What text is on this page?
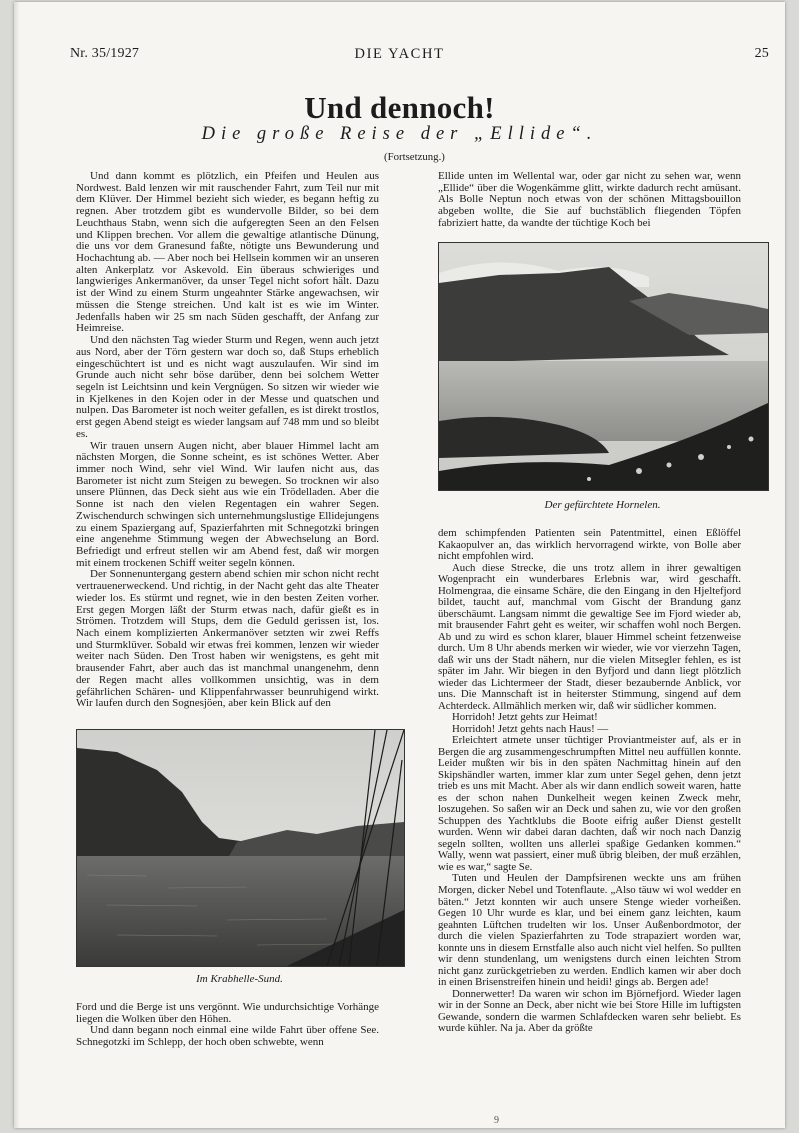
Nr. 35/1927	DIE YACHT	25
Und dennoch!
Die große Reise der „Ellide“.
(Fortsetzung.)

Und dann kommt es plötzlich, ein Pfeifen und Heulen aus Nordwest. Bald lenzen wir mit rauschender Fahrt, zum Teil nur mit dem Klüver. Der Himmel bezieht sich wieder, es begann heftig zu regnen. Aber trotzdem gibt es wundervolle Bilder, so bei dem Leuchthaus Stabn, wenn sich die aufgeregten Seen an den Felsen und Klippen brechen. Vor allem die gewaltige atlantische Dünung, die uns vor dem Granesund faßte, nötigte uns Bewunderung und Hochachtung ab. — Aber noch bei Hellsein kommen wir an unseren alten Ankerplatz vor Askevold. Ein überaus schwieriges und langwieriges Ankermanöver, da unser Tegel nicht sofort hält. Dazu ist der Wind zu einem Sturm ungeahnter Stärke angewachsen, wir müssen die Stenge streichen. Und kalt ist es wie im Winter. Jedenfalls haben wir 25 sm nach Süden geschafft, der Anfang zur Heimreise.

Und den nächsten Tag wieder Sturm und Regen, wenn auch jetzt aus Nord, aber der Törn gestern war doch so, daß Stups erheblich eingeschüchtert ist und es nicht wagt auszulaufen. Wir sind im Grunde auch nicht sehr böse darüber, denn bei solchem Wetter segeln ist Leichtsinn und kein Vergnügen. So sitzen wir wieder wie in Kjelkenes in den Kojen oder in der Messe und quatschen und nulpen. Das Barometer ist noch weiter gefallen, es ist direkt trostlos, erst gegen Abend steigt es wieder langsam auf 748 mm und so bleibt es.

Wir trauen unsern Augen nicht, aber blauer Himmel lacht am nächsten Morgen, die Sonne scheint, es ist schönes Wetter. Aber immer noch Wind, sehr viel Wind. Wir laufen nicht aus, das Barometer ist nicht zum Steigen zu bewegen. So trocknen wir also unsere Plünnen, das Deck sieht aus wie ein Trödelladen. Aber die Sonne ist nach den vielen Regentagen ein wahrer Segen. Zwischendurch schwingen sich unternehmungslustige Ellidejungens zu einem Spaziergang auf, Spazierfahrten mit Schnegotzki bringen eine angenehme Stimmung wegen der Abwechselung an Bord. Befriedigt und erfreut stellen wir am Abend fest, daß wir morgen mit einem trockenen Schiff weiter segeln können.

Der Sonnenuntergang gestern abend schien mir schon nicht recht vertrauenerweckend. Und richtig, in der Nacht geht das alte Theater wieder los. Es stürmt und regnet, wie in den besten Zeiten vorher. Erst gegen Morgen läßt der Sturm etwas nach, dafür gießt es in Strömen. Trotzdem will Stups, dem die Geduld gerissen ist, los. Nach einem komplizierten Ankermanöver setzten wir zwei Reffs und Sturmklüver. Sobald wir etwas frei kommen, lenzen wir wieder weiter nach Süden. Den Trost haben wir wenigstens, es geht mit brausender Fahrt, aber auch das ist manchmal unangenehm, denn der Regen macht alles vollkommen unsichtig, was in dem gefährlichen Schären- und Klippenfahrwasser beunruhigend wirkt. Wir laufen durch den Sognesjöen, aber kein Blick auf den

Im Krabhelle-Sund.

Ford und die Berge ist uns vergönnt. Wie undurchsichtige Vorhänge liegen die Wolken über den Höhen.

Und dann begann noch einmal eine wilde Fahrt über offene See. Schnegotzki im Schlepp, der hoch oben schwebte, wenn

Ellide unten im Wellental war, oder gar nicht zu sehen war, wenn „Ellide“ über die Wogenkämme glitt, wirkte dadurch recht amüsant. Als Bolle Neptun noch etwas von der schönen Mittagsbouillon abgeben wollte, die Sie auf buchstäblich fliegenden Töpfen fabriziert hatte, da wandte der tüchtige Koch bei

Der gefürchtete Hornelen.

dem schimpfenden Patienten sein Patentmittel, einen Eßlöffel Kakaopulver an, das wirklich hervorragend wirkte, von Bolle aber nicht empfohlen wird.

Auch diese Strecke, die uns trotz allem in ihrer gewaltigen Wogenpracht ein wunderbares Erlebnis war, wird geschafft. Holmengraa, die einsame Schäre, die den Eingang in den Hjeltefjord bildet, taucht auf, manchmal vom Gischt der Brandung ganz überschäumt. Langsam nimmt die gewaltige See im Fjord wieder ab, mit brausender Fahrt geht es weiter, wir schaffen wohl noch Bergen. Ab und zu wird es schon klarer, blauer Himmel scheint fetzenweise durch. Um 8 Uhr abends merken wir wieder, wie vor vierzehn Tagen, daß wir uns der Stadt nähern, nur die vielen Mitsegler fehlen, es ist später im Jahr. Wir biegen in den Byfjord und dann liegt plötzlich wieder das Lichtermeer der Stadt, dieser bezaubernde Anblick, vor uns. Die Mannschaft ist in heiterster Stimmung, singend auf dem Achterdeck. Allmählich merken wir, daß wir südlicher kommen.

Horridoh! Jetzt gehts zur Heimat!

Horridoh! Jetzt gehts nach Haus! —

Erleichtert atmete unser tüchtiger Proviantmeister auf, als er in Bergen die arg zusammengeschrumpften Mittel neu auffüllen konnte. Leider mußten wir bis in den späten Nachmittag hinein auf den Skipshändler warten, immer klar zum unter Segel gehen, denn jetzt trieb es uns mit Macht. Aber als wir dann endlich soweit waren, hatte es der schon nahen Dunkelheit wegen keinen Zweck mehr, loszugehen. So saßen wir an Deck und sahen zu, wie vor den großen Schuppen des Yachtklubs die Boote eifrig außer Dienst gestellt wurden. Wenn wir dabei daran dachten, daß wir noch nach Danzig segeln sollten, wollten uns allerlei spaßige Gedanken kommen.“ Wally, wenn wat passiert, einer muß übrig bleiben, der muß erzählen, wie es war,“ sagte Se.

Tuten und Heulen der Dampfsirenen weckte uns am frühen Morgen, dicker Nebel und Totenflaute. „Also täuw wi wol wedder en bäten.“ Jetzt konnten wir auch unsere Stenge wieder vorheißen. Gegen 10 Uhr wurde es klar, und bei einem ganz leichten, kaum geahnten Lüftchen trudelten wir los. Unser Außenbordmotor, der durch die vielen Spazierfahrten zu Tode strapaziert worden war, konnte uns in diesem Ernstfalle also auch nicht viel helfen. So pullten wir denn stundenlang, um wenigstens durch einen leichten Strom nicht ganz zurückgetrieben zu werden. Endlich kamen wir aber doch in einen Brisenstreifen hinein und heidi! gings ab. Bergen ade!

Donnerwetter! Da waren wir schon im Björnefjord. Wieder lagen wir in der Sonne an Deck, aber nicht wie bei Store Hille im luftigsten Gewande, sondern die warmen Schlafdecken waren sehr beliebt. Es wurde kühler. Na ja. Aber da größte

9
